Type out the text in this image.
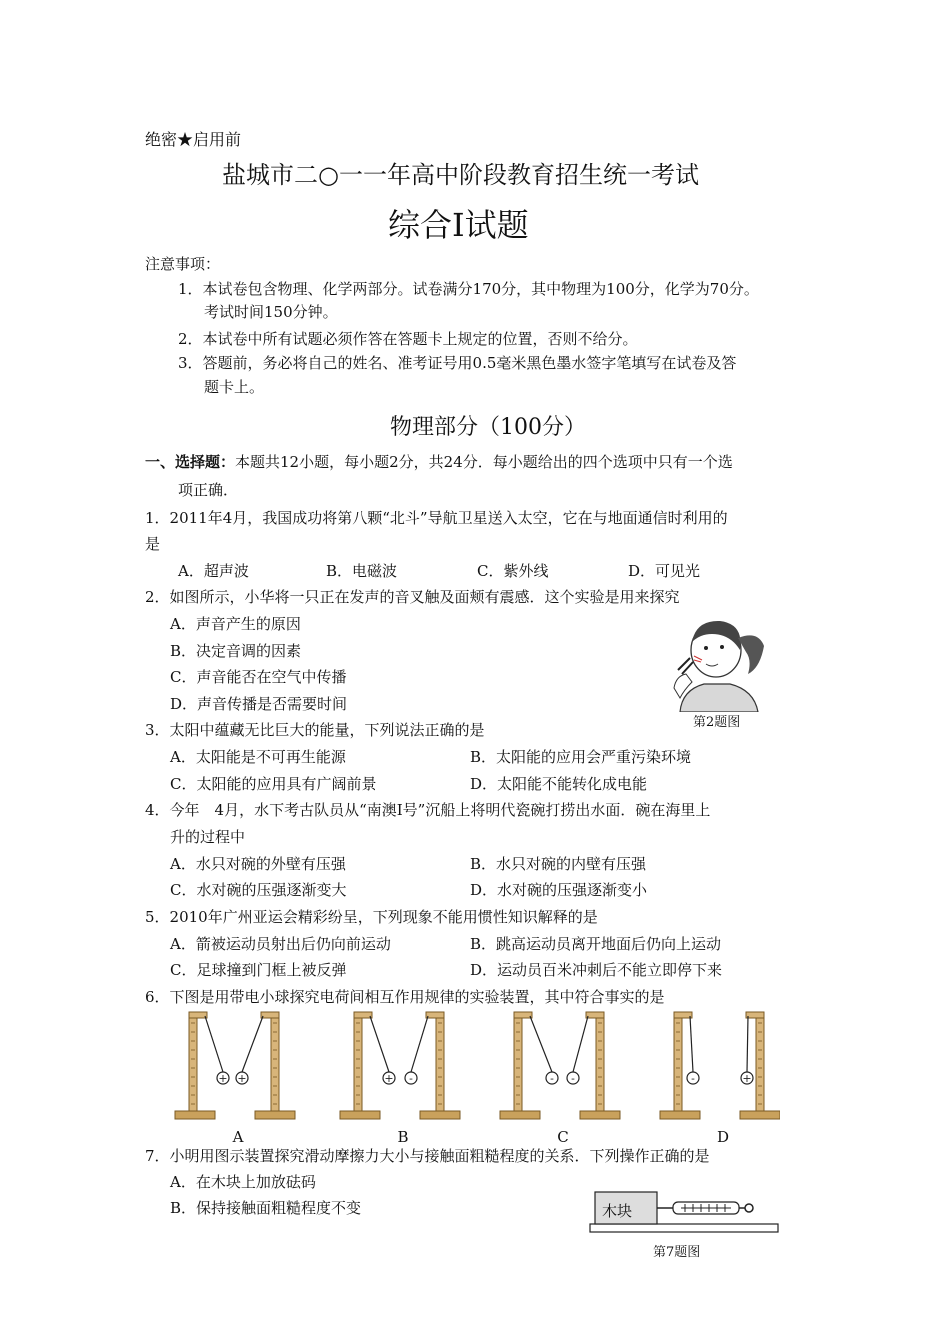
绝密★启用前
盐城市二○一一年高中阶段教育招生统一考试
综合Ⅰ试题
注意事项：
1．本试卷包含物理、化学两部分。试卷满分170分，其中物理为100分，化学为70分。
考试时间150分钟。
2．本试卷中所有试题必须作答在答题卡上规定的位置，否则不给分。
3．答题前，务必将自己的姓名、准考证号用0.5毫米黑色墨水签字笔填写在试卷及答
题卡上。
物理部分（100分）
一、选择题：本题共12小题，每小题2分，共24分．每小题给出的四个选项中只有一个选
项正确．
1．2011年4月，我国成功将第八颗“北斗”导航卫星送入太空，它在与地面通信时利用的
是
A．超声波	B．电磁波	C．紫外线	D．可见光
2．如图所示，小华将一只正在发声的音叉触及面颊有震感．这个实验是用来探究
A．声音产生的原因
B．决定音调的因素
C．声音能否在空气中传播
D．声音传播是否需要时间
第2题图
3．太阳中蕴藏无比巨大的能量，下列说法正确的是
A．太阳能是不可再生能源	B．太阳能的应用会严重污染环境
C．太阳能的应用具有广阔前景	D．太阳能不能转化成电能
4．今年　4月，水下考古队员从“南澳Ⅰ号”沉船上将明代瓷碗打捞出水面．碗在海里上
升的过程中
A．水只对碗的外壁有压强	B．水只对碗的内壁有压强
C．水对碗的压强逐渐变大	D．水对碗的压强逐渐变小
5．2010年广州亚运会精彩纷呈，下列现象不能用惯性知识解释的是
A．箭被运动员射出后仍向前运动	B．跳高运动员离开地面后仍向上运动
C．足球撞到门框上被反弹	D．运动员百米冲刺后不能立即停下来
6．下图是用带电小球探究电荷间相互作用规律的实验装置，其中符合事实的是
+ +
A
+ -
B
- -
C
-	+
D
7．小明用图示装置探究滑动摩擦力大小与接触面粗糙程度的关系．下列操作正确的是
A．在木块上加放砝码
B．保持接触面粗糙程度不变	木块
第7题图
